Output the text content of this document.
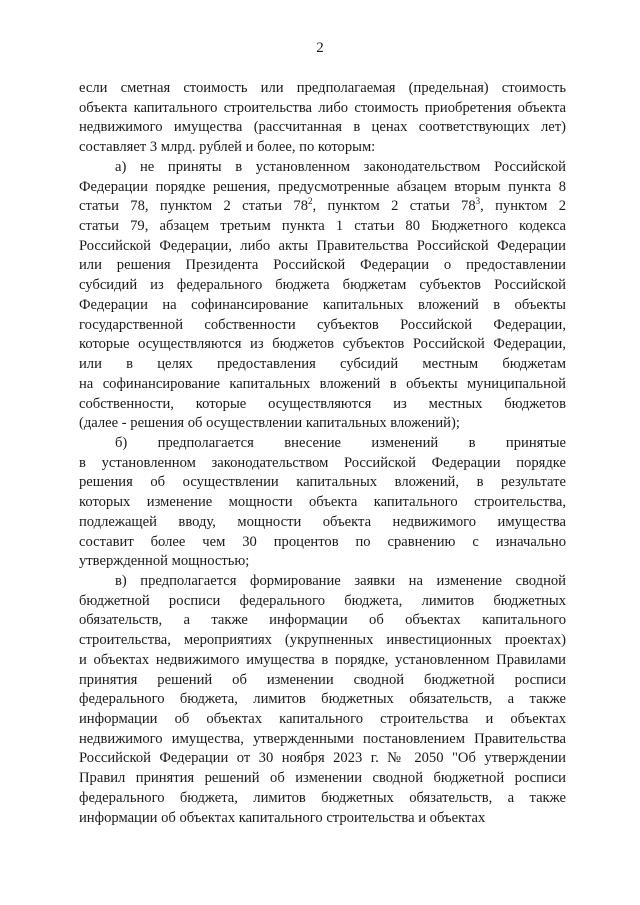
2
если сметная стоимость или предполагаемая (предельная) стоимость
объекта капитального строительства либо стоимость приобретения объекта
недвижимого имущества (рассчитанная в ценах соответствующих лет)
составляет 3 млрд. рублей и более, по которым:
а) не приняты в установленном законодательством Российской
Федерации порядке решения, предусмотренные абзацем вторым пункта 8
статьи 78, пунктом 2 статьи $78^2$, пунктом 2 статьи $78^3$, пунктом 2
статьи 79, абзацем третьим пункта 1 статьи 80 Бюджетного кодекса
Российской Федерации, либо акты Правительства Российской Федерации
или решения Президента Российской Федерации о предоставлении
субсидий из федерального бюджета бюджетам субъектов Российской
Федерации на софинансирование капитальных вложений в объекты
государственной собственности субъектов Российской Федерации,
которые осуществляются из бюджетов субъектов Российской Федерации,
или в целях предоставления субсидий местным бюджетам
на софинансирование капитальных вложений в объекты муниципальной
собственности, которые осуществляются из местных бюджетов
(далее - решения об осуществлении капитальных вложений);
б) предполагается внесение изменений в принятые
в установленном законодательством Российской Федерации порядке
решения об осуществлении капитальных вложений, в результате
которых изменение мощности объекта капитального строительства,
подлежащей вводу, мощности объекта недвижимого имущества
составит более чем 30 процентов по сравнению с изначально
утвержденной мощностью;
в) предполагается формирование заявки на изменение сводной
бюджетной росписи федерального бюджета, лимитов бюджетных
обязательств, а также информации об объектах капитального
строительства, мероприятиях (укрупненных инвестиционных проектах)
и объектах недвижимого имущества в порядке, установленном Правилами
принятия решений об изменении сводной бюджетной росписи
федерального бюджета, лимитов бюджетных обязательств, а также
информации об объектах капитального строительства и объектах
недвижимого имущества, утвержденными постановлением Правительства
Российской Федерации от 30 ноября 2023 г. № 2050 "Об утверждении
Правил принятия решений об изменении сводной бюджетной росписи
федерального бюджета, лимитов бюджетных обязательств, а также
информации об объектах капитального строительства и объектах
